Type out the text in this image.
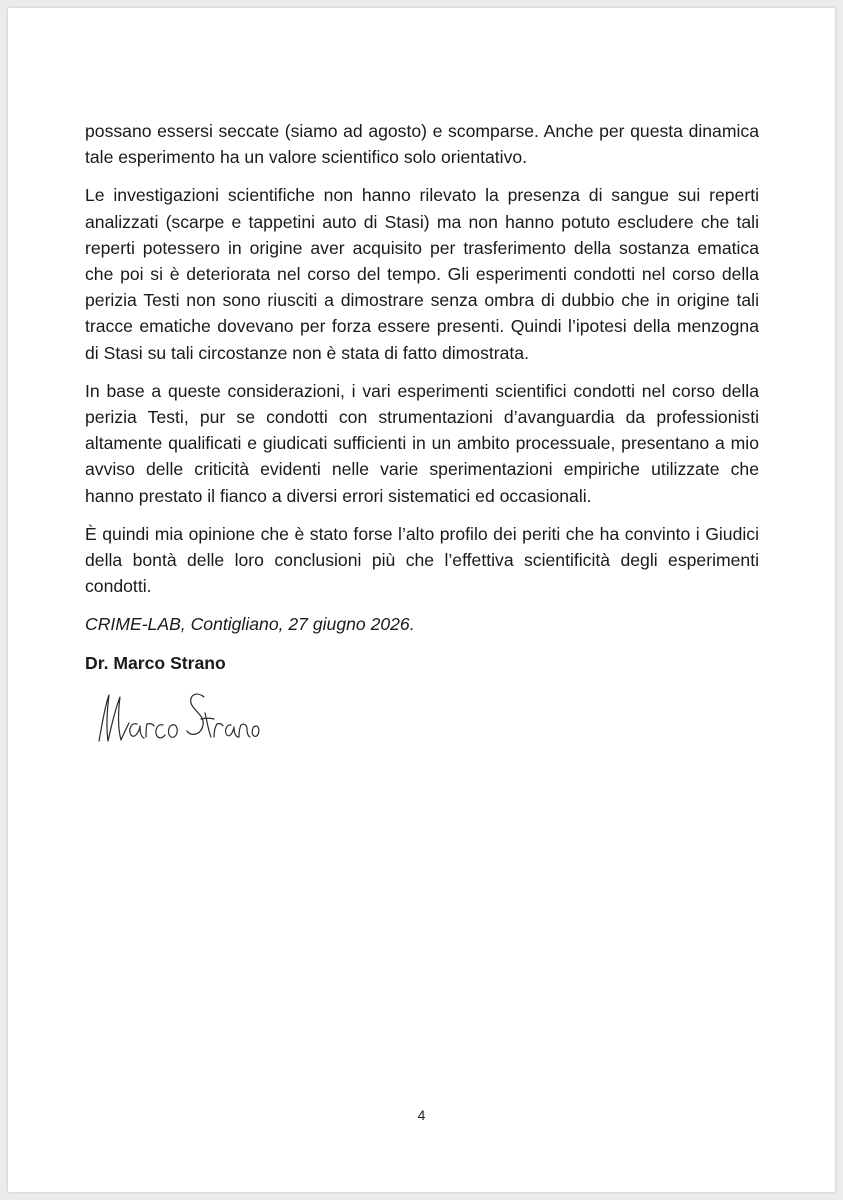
possano essersi seccate (siamo ad agosto) e scomparse. Anche per questa dinamica
tale esperimento ha un valore scientifico solo orientativo.
Le investigazioni scientifiche non hanno rilevato la presenza di sangue sui reperti
analizzati (scarpe e tappetini auto di Stasi) ma non hanno potuto escludere che tali
reperti potessero in origine aver acquisito per trasferimento della sostanza ematica
che poi si è deteriorata nel corso del tempo. Gli esperimenti condotti nel corso della
perizia Testi non sono riusciti a dimostrare senza ombra di dubbio che in origine tali
tracce ematiche dovevano per forza essere presenti. Quindi l’ipotesi della menzogna
di Stasi su tali circostanze non è stata di fatto dimostrata.
In base a queste considerazioni, i vari esperimenti scientifici condotti nel corso della
perizia Testi, pur se condotti con strumentazioni d’avanguardia da professionisti
altamente qualificati e giudicati sufficienti in un ambito processuale, presentano a mio
avviso delle criticità evidenti nelle varie sperimentazioni empiriche utilizzate che
hanno prestato il fianco a diversi errori sistematici ed occasionali.
È quindi mia opinione che è stato forse l’alto profilo dei periti che ha convinto i Giudici
della bontà delle loro conclusioni più che l’effettiva scientificità degli esperimenti
condotti.
CRIME-LAB, Contigliano, 27 giugno 2026.
Dr. Marco Strano
4
